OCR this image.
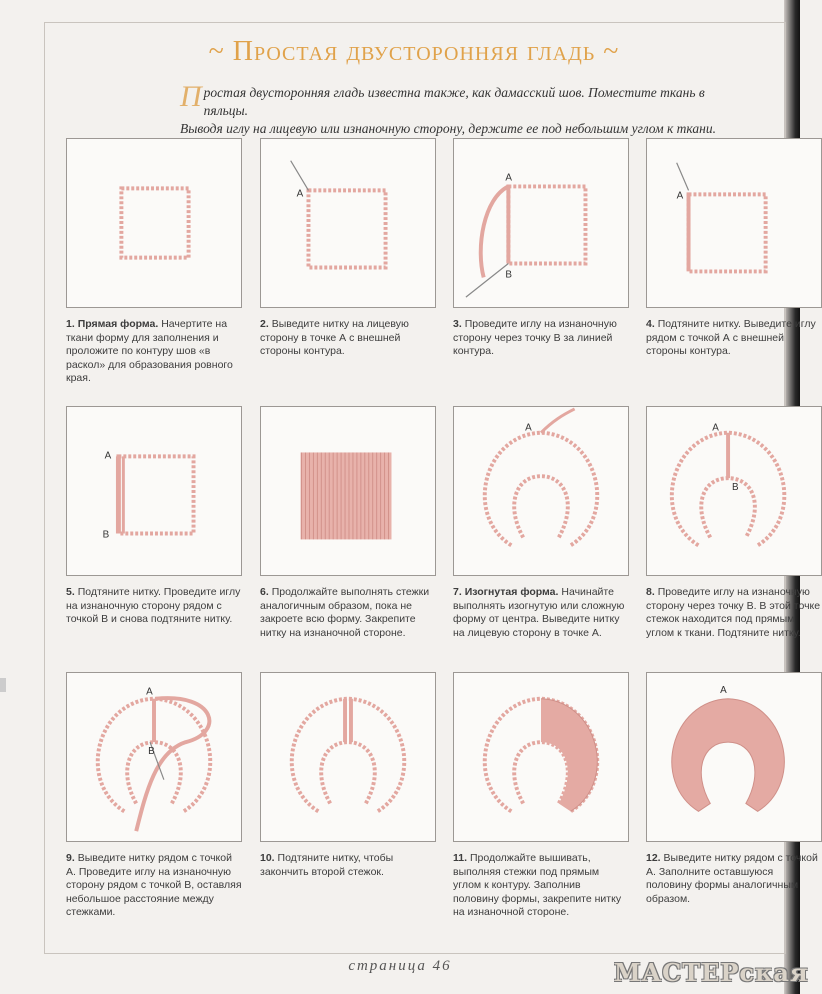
~ Простая двусторонняя гладь ~
П ростая двусторонняя гладь известна также, как дамасский шов. Поместите ткань в пяльцы.
Выводя иглу на лицевую или изнаночную сторону, держите ее под небольшим углом к ткани.
1. Прямая форма. Начертите на ткани форму для заполнения и проложите по контуру шов «в раскол» для образования ровного края.
А
2. Выведите нитку на лицевую сторону в точке А с внешней стороны контура.
А
В
3. Проведите иглу на изнаночную сторону через точку В за линией контура.
А
4. Подтяните нитку. Выведите иглу рядом с точкой А с внешней стороны контура.
А
В
5. Подтяните нитку. Проведите иглу на изнаночную сторону рядом с точкой В и снова подтяните нитку.
6. Продолжайте выполнять стежки аналогичным образом, пока не закроете всю форму. Закрепите нитку на изнаночной стороне.
А
7. Изогнутая форма. Начинайте выполнять изогнутую или сложную форму от центра. Выведите нитку на лицевую сторону в точке А.
А
В
8. Проведите иглу на изнаночную сторону через точку В. В этой точке стежок находится под прямым углом к ткани. Подтяните нитку.
А
В
9. Выведите нитку рядом с точкой А. Проведите иглу на изнаночную сторону рядом с точкой В, оставляя небольшое расстояние между стежками.
10. Подтяните нитку, чтобы закончить второй стежок.
11. Продолжайте вышивать, выполняя стежки под прямым углом к контуру. Заполнив половину формы, закрепите нитку на изнаночной стороне.
А
12. Выведите нитку рядом с точкой А. Заполните оставшуюся половину формы аналогичным образом.
страница 46	МАСТЕРская
